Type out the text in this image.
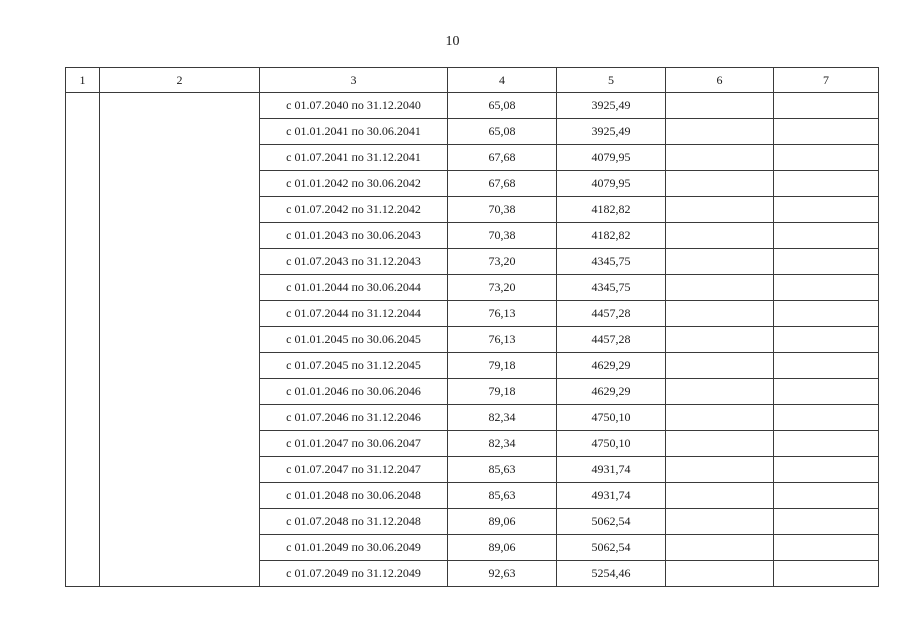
10
1	2	3	4	5	6	7
		с 01.07.2040 по 31.12.2040	65,08	3925,49		
		с 01.01.2041 по 30.06.2041	65,08	3925,49		
		с 01.07.2041 по 31.12.2041	67,68	4079,95		
		с 01.01.2042 по 30.06.2042	67,68	4079,95		
		с 01.07.2042 по 31.12.2042	70,38	4182,82		
		с 01.01.2043 по 30.06.2043	70,38	4182,82		
		с 01.07.2043 по 31.12.2043	73,20	4345,75		
		с 01.01.2044 по 30.06.2044	73,20	4345,75		
		с 01.07.2044 по 31.12.2044	76,13	4457,28		
		с 01.01.2045 по 30.06.2045	76,13	4457,28		
		с 01.07.2045 по 31.12.2045	79,18	4629,29		
		с 01.01.2046 по 30.06.2046	79,18	4629,29		
		с 01.07.2046 по 31.12.2046	82,34	4750,10		
		с 01.01.2047 по 30.06.2047	82,34	4750,10		
		с 01.07.2047 по 31.12.2047	85,63	4931,74		
		с 01.01.2048 по 30.06.2048	85,63	4931,74		
		с 01.07.2048 по 31.12.2048	89,06	5062,54		
		с 01.01.2049 по 30.06.2049	89,06	5062,54		
		с 01.07.2049 по 31.12.2049	92,63	5254,46		
